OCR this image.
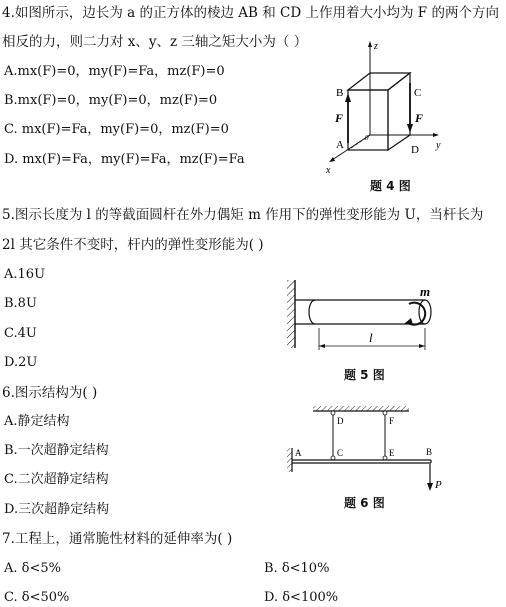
4.如图所示，边长为 a 的正方体的棱边 AB 和 CD 上作用着大小均为 F 的两个方向
相反的力，则二力对 x、y、z 三轴之矩大小为（ ）
A.mx(F)=0，my(F)=Fa，mz(F)=0
B.mx(F)=0，my(F)=0，mz(F)=0
C. mx(F)=Fa，my(F)=0，mz(F)=0
D. mx(F)=Fa，my(F)=Fa，mz(F)=Fa
z
y
x
B	C
A	D
F	F
0
题 4 图
5.图示长度为 l 的等截面圆杆在外力偶矩 m 作用下的弹性变形能为 U，当杆长为
2l 其它条件不变时，杆内的弹性变形能为( )
A.16U
B.8U
C.4U
D.2U
l
m
题 5 图
6.图示结构为( )
A.静定结构
B.一次超静定结构
C.二次超静定结构
D.三次超静定结构
A	C
D
E
F
B
P
题 6 图
7.工程上，通常脆性材料的延伸率为( )
A. δ<5%	B. δ<10%
C. δ<50%	D. δ<100%
